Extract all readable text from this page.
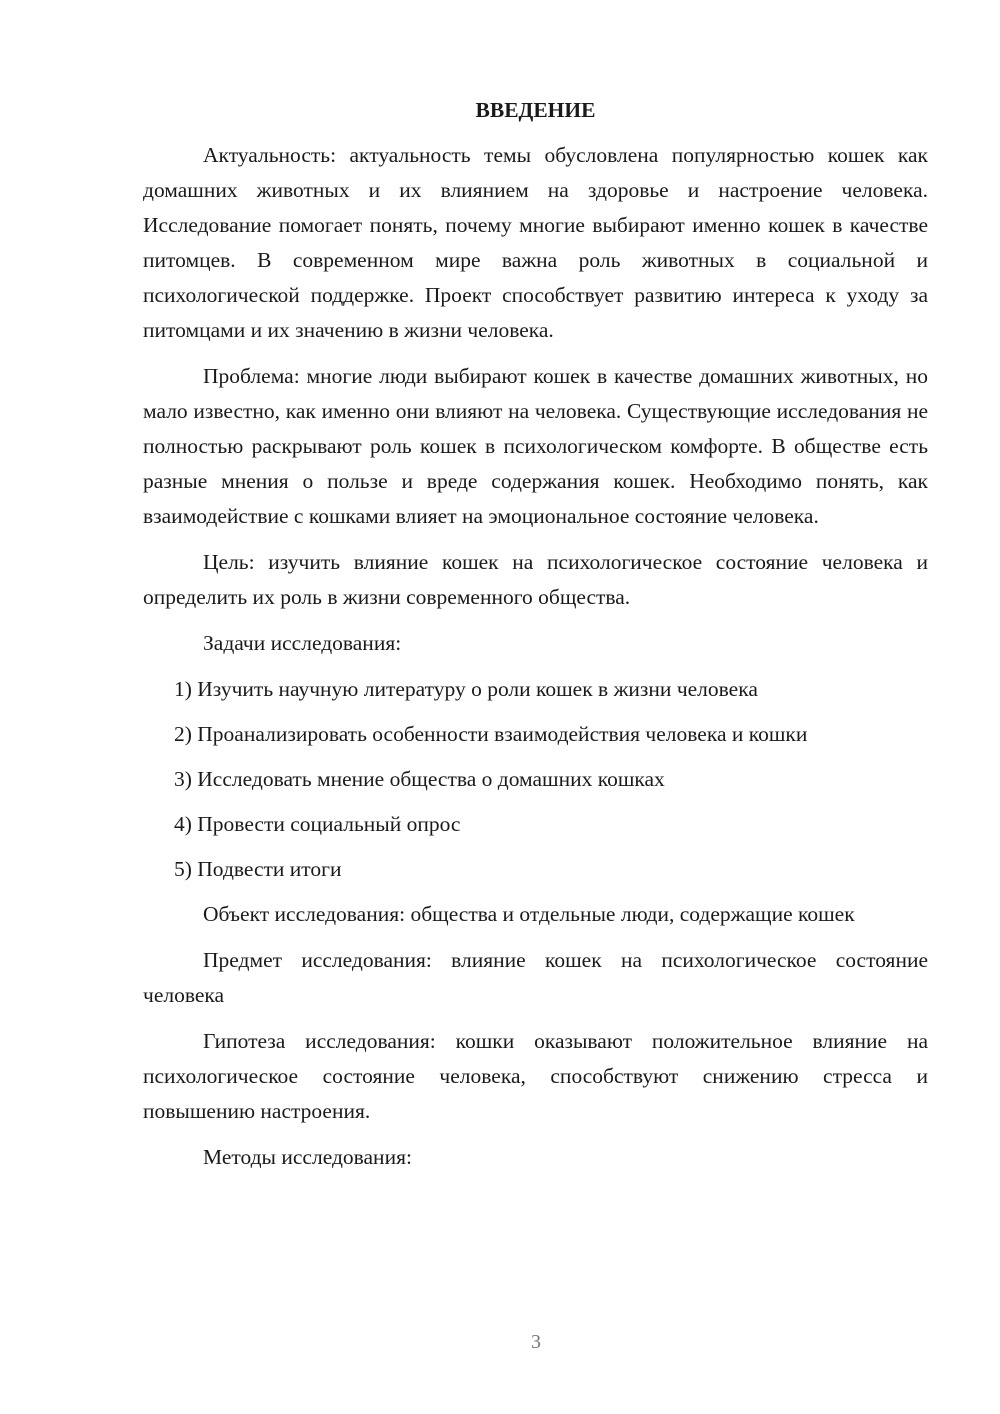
ВВЕДЕНИЕ

Актуальность: актуальность темы обусловлена популярностью кошек как домашних животных и их влиянием на здоровье и настроение человека. Исследование помогает понять, почему многие выбирают именно кошек в качестве питомцев. В современном мире важна роль животных в социальной и психологической поддержке. Проект способствует развитию интереса к уходу за питомцами и их значению в жизни человека.

Проблема: многие люди выбирают кошек в качестве домашних животных, но мало известно, как именно они влияют на человека. Существующие исследования не полностью раскрывают роль кошек в психологическом комфорте. В обществе есть разные мнения о пользе и вреде содержания кошек. Необходимо понять, как взаимодействие с кошками влияет на эмоциональное состояние человека.

Цель: изучить влияние кошек на психологическое состояние человека и определить их роль в жизни современного общества.

Задачи исследования:

1) Изучить научную литературу о роли кошек в жизни человека
2) Проанализировать особенности взаимодействия человека и кошки
3) Исследовать мнение общества о домашних кошках
4) Провести социальный опрос
5) Подвести итоги

Объект исследования: общества и отдельные люди, содержащие кошек

Предмет исследования: влияние кошек на психологическое состояние человека

Гипотеза исследования: кошки оказывают положительное влияние на психологическое состояние человека, способствуют снижению стресса и повышению настроения.

Методы исследования:

3
